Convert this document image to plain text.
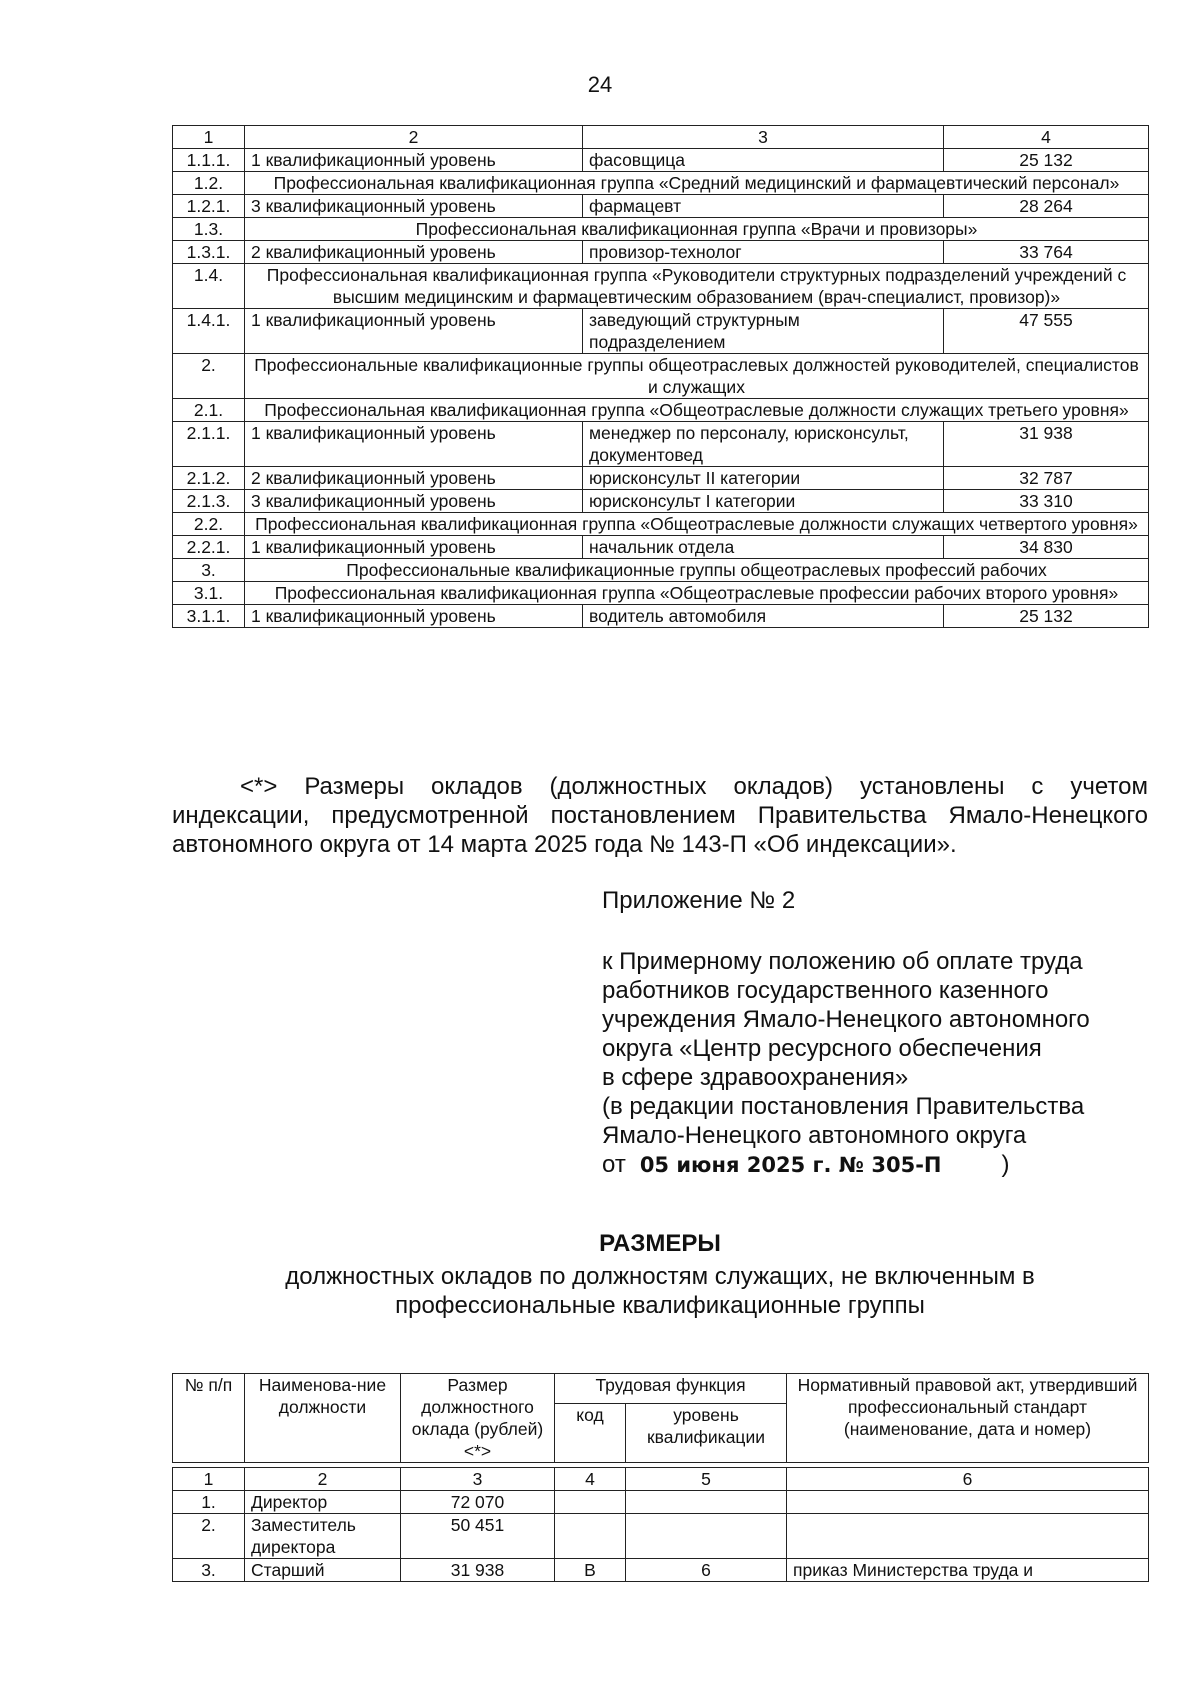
24
1	2	3	4
1.1.1.	1 квалификационный уровень	фасовщица	25 132
1.2.	Профессиональная квалификационная группа «Средний медицинский и фармацевтический персонал»		
1.2.1.	3 квалификационный уровень	фармацевт	28 264
1.3.	Профессиональная квалификационная группа «Врачи и провизоры»		
1.3.1.	2 квалификационный уровень	провизор-технолог	33 764
1.4.	Профессиональная квалификационная группа «Руководители структурных подразделений учреждений с высшим медицинским и фармацевтическим образованием (врач-специалист, провизор)»		
1.4.1.	1 квалификационный уровень	заведующий структурным подразделением	47 555
2.	Профессиональные квалификационные группы общеотраслевых должностей руководителей, специалистов и служащих		
2.1.	Профессиональная квалификационная группа «Общеотраслевые должности служащих третьего уровня»		
2.1.1.	1 квалификационный уровень	менеджер по персоналу, юрисконсульт, документовед	31 938
2.1.2.	2 квалификационный уровень	юрисконсульт II категории	32 787
2.1.3.	3 квалификационный уровень	юрисконсульт I категории	33 310
2.2.	Профессиональная квалификационная группа «Общеотраслевые должности служащих четвертого уровня»		
2.2.1.	1 квалификационный уровень	начальник отдела	34 830
3.	Профессиональные квалификационные группы общеотраслевых профессий рабочих		
3.1.	Профессиональная квалификационная группа «Общеотраслевые профессии рабочих второго уровня»		
3.1.1.	1 квалификационный уровень	водитель автомобиля	25 132

<*> Размеры окладов (должностных окладов) установлены с учетом индексации, предусмотренной постановлением Правительства Ямало-Ненецкого автономного округа от 14 марта 2025 года № 143-П «Об индексации».

Приложение № 2
к Примерному положению об оплате труда
работников государственного казенного
учреждения Ямало-Ненецкого автономного
округа «Центр ресурсного обеспечения
в сфере здравоохранения»
(в редакции постановления Правительства
Ямало-Ненецкого автономного округа
от 05 июня 2025 г. № 305-П	)
РАЗМЕРЫ
должностных окладов по должностям служащих, не включенным в
профессиональные квалификационные группы
№ п/п	Наименова-ние должности	Размер должностного оклада (рублей) <*>	Трудовая функция		Нормативный правовой акт, утвердивший профессиональный стандарт (наименование, дата и номер)
			код	уровень квалификации	

1	2	3	4	5	6
1.	Директор	72 070			
2.	Заместитель директора	50 451			
3.	Старший	31 938	В	6	приказ Министерства труда и
